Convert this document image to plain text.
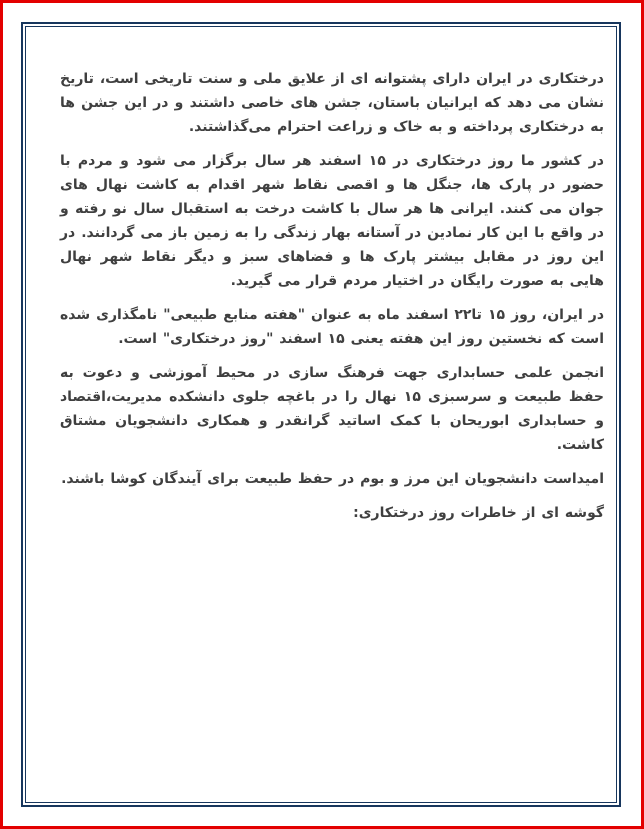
درختکاری در ایران دارای پشتوانه ای از علایق ملی و سنت تاریخی است، تاریخ نشان می دهد که ایرانیان باستان، جشن های خاصی داشتند و در این جشن ها به درختکاری پرداخته و به خاک و زراعت احترام می‌گذاشتند.

در کشور ما روز درختکاری در ۱۵ اسفند هر سال برگزار می شود و مردم با حضور در پارک ها، جنگل ها و اقصی نقاط شهر اقدام به کاشت نهال های جوان می کنند. ایرانی ها هر سال با کاشت درخت به استقبال سال نو رفته و در واقع با این کار نمادین در آستانه بهار زندگی را به زمین باز می گردانند. در این روز در مقابل بیشتر پارک ها و فضاهای سبز و دیگر نقاط شهر نهال هایی به صورت رایگان در اختیار مردم قرار می گیرید.

در ایران، روز ۱۵ تا۲۲ اسفند ماه به عنوان "هفته منابع طبیعی" نامگذاری شده است که نخستین روز این هفته یعنی ۱۵ اسفند "روز درختکاری" است.

انجمن علمی حسابداری جهت فرهنگ سازی در محیط آموزشی و دعوت به حفظ طبیعت و سرسبزی ۱۵ نهال را در باغچه جلوی دانشکده مدیریت،اقتصاد و حسابداری ابوریحان با کمک اساتید گرانقدر و همکاری دانشجویان مشتاق کاشت.

امیداست دانشجویان این مرز و بوم در حفظ طبیعت برای آیندگان کوشا باشند.

گوشه ای از خاطرات روز درختکاری:
